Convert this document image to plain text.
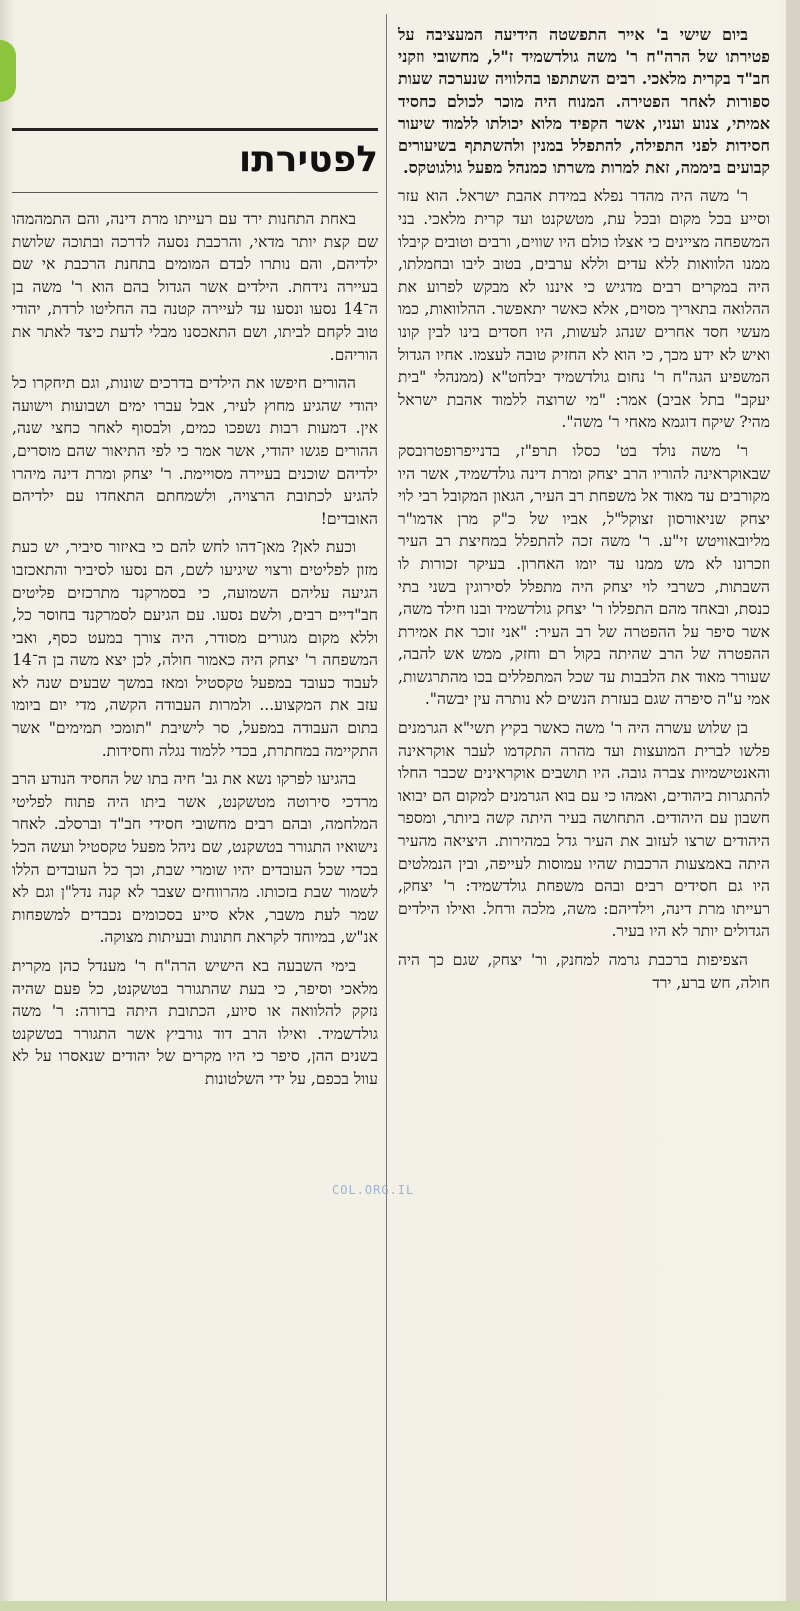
לפטירתו

ביום שישי ב' אייר התפשטה הידיעה המעציבה על פטירתו של הרה"ח ר' משה גולדשמיד ז"ל, מחשובי וזקני חב"ד בקרית מלאכי. רבים השתתפו בהלוויה שנערכה שעות ספורות לאחר הפטירה. המנוח היה מוכר לכולם כחסיד אמיתי, צנוע ועניו, אשר הקפיד מלוא יכולתו ללמוד שיעור חסידות לפני התפילה, להתפלל במנין ולהשתתף בשיעורים קבועים ביממה, זאת למרות משרתו כמנהל מפעל גולגוטקס.

ר' משה היה מהדר נפלא במידת אהבת ישראל. הוא עזר וסייע בכל מקום ובכל עת, מטשקנט ועד קרית מלאכי. בני המשפחה מציינים כי אצלו כולם היו שווים, ורבים וטובים קיבלו ממנו הלוואות ללא עדים וללא ערבים, בטוב ליבו ובחמלתו, היה במקרים רבים מדגיש כי איננו לא מבקש לפרוע את ההלואה בתאריך מסוים, אלא כאשר יתאפשר. ההלוואות, כמו מעשי חסד אחרים שנהג לעשות, היו חסדים בינו לבין קונו ואיש לא ידע מכך, כי הוא לא החזיק טובה לעצמו. אחיו הגדול המשפיע הגה"ח ר' נחום גולדשמיד יבלחט"א (ממנהלי "בית יעקב" בתל אביב) אמר: "מי שרוצה ללמוד אהבת ישראל מהי? שיקח דוגמא מאחי ר' משה".

ר' משה נולד בט' כסלו תרפ"ז, בדנייפרופטרובסק שבאוקראינה להוריו הרב יצחק ומרת דינה גולדשמיד, אשר היו מקורבים עד מאוד אל משפחת רב העיר, הגאון המקובל רבי לוי יצחק שניאורסון זצוקל"ל, אביו של כ"ק מרן אדמו"ר מליובאוויטש זי"ע. ר' משה זכה להתפלל במחיצת רב העיר וזכרונו לא מש ממנו עד יומו האחרון. בעיקר זכורות לו השבתות, כשרבי לוי יצחק היה מתפלל לסירוגין בשני בתי כנסת, ובאחד מהם התפללו ר' יצחק גולדשמיד ובנו חילד משה, אשר סיפר על ההפטרה של רב העיר: "אני זוכר את אמירת ההפטרה של הרב שהיתה בקול רם וחזק, ממש אש להבה, שעורר מאוד את הלבבות עד שכל המתפללים בכו מהתרגשות, אמי ע"ה סיפרה שגם בעזרת הנשים לא נותרה עין יבשה".

בן שלוש עשרה היה ר' משה כאשר בקיץ תשי"א הגרמנים פלשו לברית המועצות ועד מהרה התקדמו לעבר אוקראינה והאנטישמיות צברה גובה. היו תושבים אוקראינים שכבר החלו להתגרות ביהודים, ואמהו כי עם בוא הגרמנים למקום הם יבואו חשבון עם היהודים. התחושה בעיר היתה קשה ביותר, ומספר היהודים שרצו לעזוב את העיר גדל במהירות. היציאה מהעיר היתה באמצעות הרכבות שהיו עמוסות לעייפה, ובין הנמלטים היו גם חסידים רבים ובהם משפחת גולדשמיד: ר' יצחק, רעייתו מרת דינה, וילדיהם: משה, מלכה ורחל. ואילו הילדים הגדולים יותר לא היו בעיר.

הצפיפות ברכבת גרמה למחנק, ור' יצחק, שגם כך היה חולה, חש ברע, ירד

באחת התחנות ירד עם רעייתו מרת דינה, והם התמהמהו שם קצת יותר מדאי, והרכבת נסעה לדרכה ובתוכה שלושת ילדיהם, והם נותרו לבדם המומים בתחנת הרכבת אי שם בעיירה נידחת. הילדים אשר הגדול בהם הוא ר' משה בן ה־14 נסעו ונסעו עד לעיירה קטנה בה החליטו לרדת, יהודי טוב לקחם לביתו, ושם התאכסנו מבלי לדעת כיצד לאתר את הוריהם.

ההורים חיפשו את הילדים בדרכים שונות, וגם תיחקרו כל יהודי שהגיע מחוץ לעיר, אבל עברו ימים ושבועות וישועה אין. דמעות רבות נשפכו כמים, ולבסוף לאחר כחצי שנה, ההורים פגשו יהודי, אשר אמר כי לפי התיאור שהם מוסרים, ילדיהם שוכנים בעיירה מסויימת. ר' יצחק ומרת דינה מיהרו להגיע לכתובת הרצויה, ולשמחתם התאחדו עם ילדיהם האובדים!

וכעת לאן? מאן־דהו לחש להם כי באיזור סיביר, יש כעת מזון לפליטים ורצוי שיגיעו לשם, הם נסעו לסיביר והתאכזבו הגיעה עליהם השמועה, כי בסמרקנד מתרכזים פליטים חב"דיים רבים, ולשם נסעו. עם הגיעם לסמרקנד בחוסר כל, וללא מקום מגורים מסודר, היה צורך במעט כסף, ואבי המשפחה ר' יצחק היה כאמור חולה, לכן יצא משה בן ה־14 לעבוד כעובד במפעל טקסטיל ומאז במשך שבעים שנה לא עזב את המקצוע... ולמרות העבודה הקשה, מדי יום ביומו בתום העבודה במפעל, סר לישיבת "תומכי תמימים" אשר התקיימה במחתרת, בכדי ללמוד נגלה וחסידות.

בהגיעו לפרקו נשא את גב' חיה בתו של החסיד הנודע הרב מרדכי סירוטה מטשקנט, אשר ביתו היה פתוח לפליטי המלחמה, ובהם רבים מחשובי חסידי חב"ד וברסלב. לאחר נישואיו התגורר בטשקנט, שם ניהל מפעל טקסטיל ועשה הכל בכדי שכל העובדים יהיו שומרי שבת, וכך כל העובדים הללו לשמור שבת בזכותו. מהרווחים שצבר לא קנה נדל"ן וגם לא שמר לעת משבר, אלא סייע בסכומים נכבדים למשפחות אנ"ש, במיוחד לקראת חתונות ובעיתות מצוקה.

בימי השבעה בא הישיש הרה"ח ר' מענדל כהן מקרית מלאכי וסיפר, כי בעת שהתגורר בטשקנט, כל פעם שהיה נזקק להלוואה או סיוע, הכתובת היתה ברורה: ר' משה גולדשמיד. ואילו הרב דוד גורביץ אשר התגורר בטשקנט בשנים ההן, סיפר כי היו מקרים של יהודים שנאסרו על לא עוול בכפם, על ידי השלטונות

COL.ORG.IL
